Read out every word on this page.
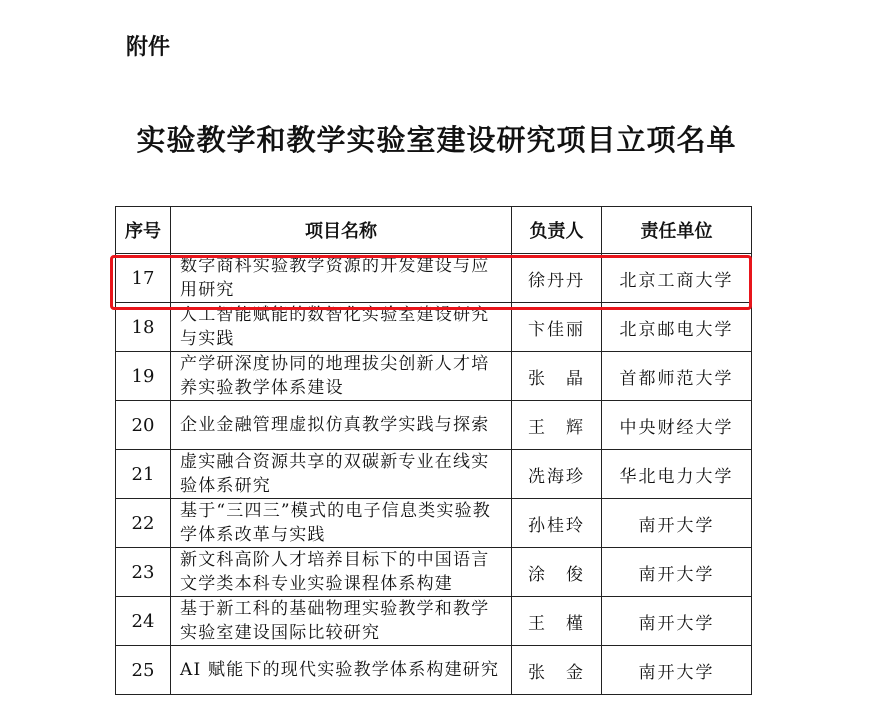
附件
实验教学和教学实验室建设研究项目立项名单
序号	项目名称	负责人	责任单位
17	数字商科实验教学资源的开发建设与应用研究	徐丹丹	北京工商大学
18	人工智能赋能的数智化实验室建设研究与实践	卞佳丽	北京邮电大学
19	产学研深度协同的地理拔尖创新人才培养实验教学体系建设	张　晶	首都师范大学
20	企业金融管理虚拟仿真教学实践与探索	王　辉	中央财经大学
21	虚实融合资源共享的双碳新专业在线实验体系研究	冼海珍	华北电力大学
22	基于“三四三”模式的电子信息类实验教学体系改革与实践	孙桂玲	南开大学
23	新文科高阶人才培养目标下的中国语言文学类本科专业实验课程体系构建	涂　俊	南开大学
24	基于新工科的基础物理实验教学和教学实验室建设国际比较研究	王　槿	南开大学
25	AI 赋能下的现代实验教学体系构建研究	张　金	南开大学
